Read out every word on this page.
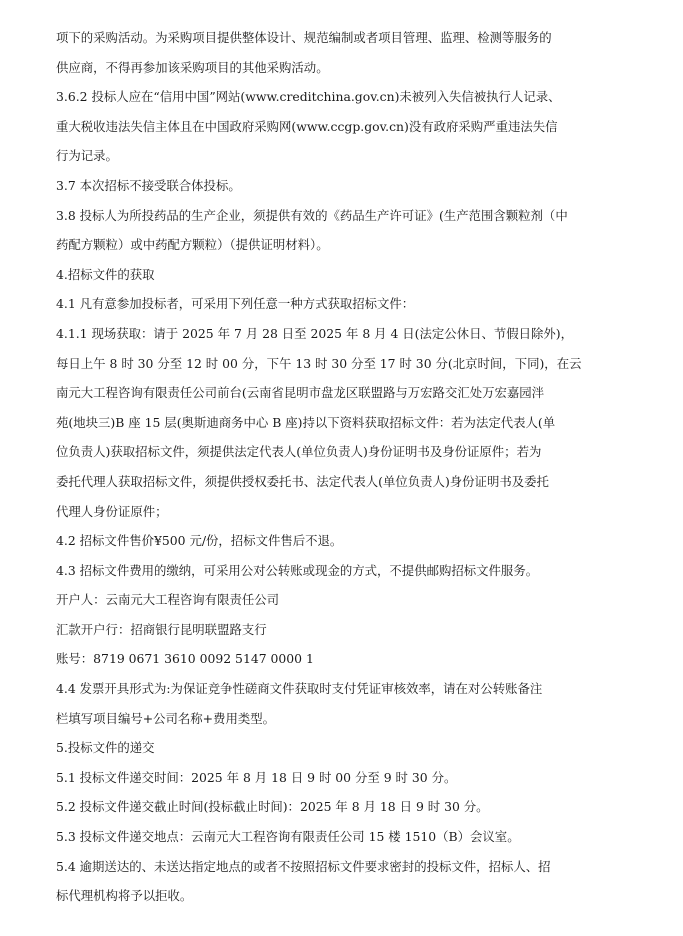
项下的采购活动。为采购项目提供整体设计、规范编制或者项目管理、监理、检测等服务的
供应商，不得再参加该采购项目的其他采购活动。
3.6.2 投标人应在“信用中国”网站(www.creditchina.gov.cn)未被列入失信被执行人记录、
重大税收违法失信主体且在中国政府采购网(www.ccgp.gov.cn)没有政府采购严重违法失信
行为记录。
3.7 本次招标不接受联合体投标。
3.8 投标人为所投药品的生产企业，须提供有效的《药品生产许可证》(生产范围含颗粒剂（中
药配方颗粒）或中药配方颗粒）（提供证明材料）。
4.招标文件的获取
4.1 凡有意参加投标者，可采用下列任意一种方式获取招标文件：
4.1.1 现场获取：请于 2025 年 7 月 28 日至 2025 年 8 月 4 日(法定公休日、节假日除外)，
每日上午 8 时 30 分至 12 时 00 分，下午 13 时 30 分至 17 时 30 分(北京时间，下同)，在云
南元大工程咨询有限责任公司前台(云南省昆明市盘龙区联盟路与万宏路交汇处万宏嘉园泮
苑(地块三)B 座 15 层(奥斯迪商务中心 B 座)持以下资料获取招标文件：若为法定代表人(单
位负责人)获取招标文件，须提供法定代表人(单位负责人)身份证明书及身份证原件；若为
委托代理人获取招标文件，须提供授权委托书、法定代表人(单位负责人)身份证明书及委托
代理人身份证原件；
4.2 招标文件售价¥500 元/份，招标文件售后不退。
4.3 招标文件费用的缴纳，可采用公对公转账或现金的方式，不提供邮购招标文件服务。
开户人：云南元大工程咨询有限责任公司
汇款开户行：招商银行昆明联盟路支行
账号：8719 0671 3610 0092 5147 0000 1
4.4 发票开具形式为:为保证竞争性磋商文件获取时支付凭证审核效率，请在对公转账备注
栏填写项目编号+公司名称+费用类型。
5.投标文件的递交
5.1 投标文件递交时间：2025 年 8 月 18 日 9 时 00 分至 9 时 30 分。
5.2 投标文件递交截止时间(投标截止时间)：2025 年 8 月 18 日 9 时 30 分。
5.3 投标文件递交地点：云南元大工程咨询有限责任公司 15 楼 1510（B）会议室。
5.4 逾期送达的、未送达指定地点的或者不按照招标文件要求密封的投标文件，招标人、招
标代理机构将予以拒收。
